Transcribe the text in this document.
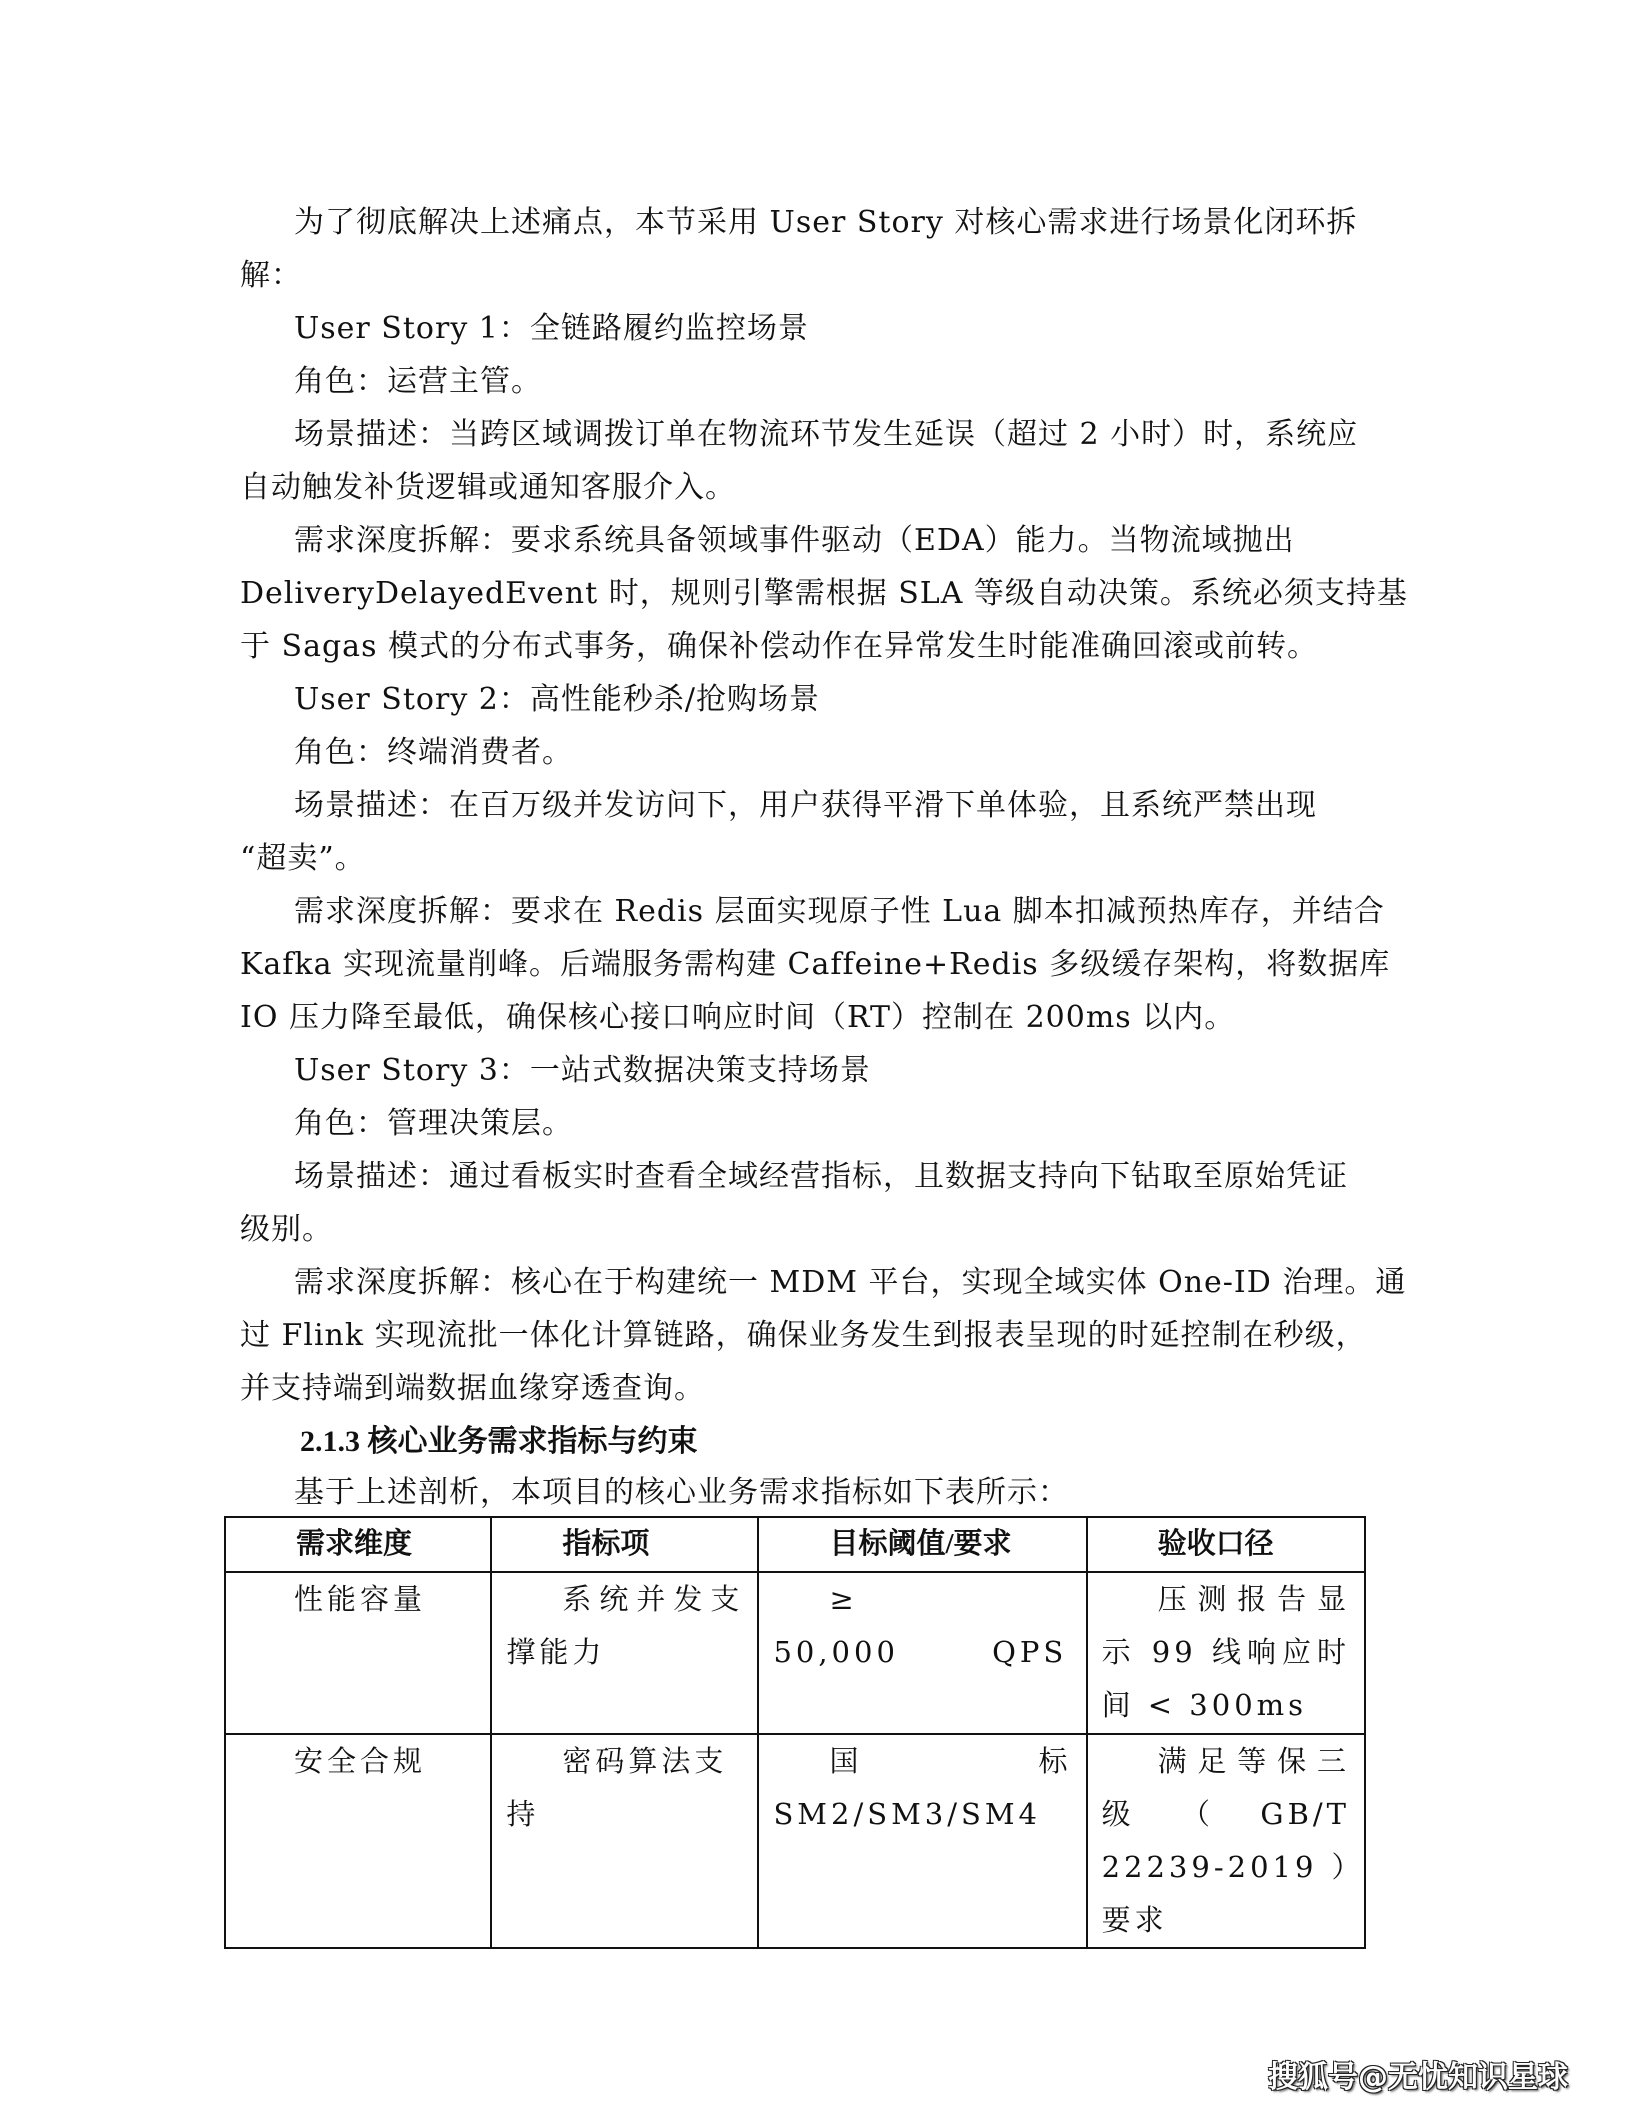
为了彻底解决上述痛点，本节采用 User Story 对核心需求进行场景化闭环拆
解：
User Story 1：全链路履约监控场景
角色：运营主管。
场景描述：当跨区域调拨订单在物流环节发生延误（超过 2 小时）时，系统应
自动触发补货逻辑或通知客服介入。
需求深度拆解：要求系统具备领域事件驱动（EDA）能力。当物流域抛出
DeliveryDelayedEvent 时，规则引擎需根据 SLA 等级自动决策。系统必须支持基
于 Sagas 模式的分布式事务，确保补偿动作在异常发生时能准确回滚或前转。
User Story 2：高性能秒杀/抢购场景
角色：终端消费者。
场景描述：在百万级并发访问下，用户获得平滑下单体验，且系统严禁出现
“超卖”。
需求深度拆解：要求在 Redis 层面实现原子性 Lua 脚本扣减预热库存，并结合
Kafka 实现流量削峰。后端服务需构建 Caffeine+Redis 多级缓存架构，将数据库
IO 压力降至最低，确保核心接口响应时间（RT）控制在 200ms 以内。
User Story 3：一站式数据决策支持场景
角色：管理决策层。
场景描述：通过看板实时查看全域经营指标，且数据支持向下钻取至原始凭证
级别。
需求深度拆解：核心在于构建统一 MDM 平台，实现全域实体 One-ID 治理。通
过 Flink 实现流批一体化计算链路，确保业务发生到报表呈现的时延控制在秒级，
并支持端到端数据血缘穿透查询。
2.1.3 核心业务需求指标与约束
基于上述剖析，本项目的核心业务需求指标如下表所示：
需求维度	指标项	目标阈值/要求	验收口径
性能容量	系统并发支撑能力	≥ 50,000 QPS	压测报告显示 99 线响应时间 < 300ms
安全合规	密码算法支持	国标 SM2/SM3/SM4	满足等保三级（GB/T 22239-2019）要求
搜狐号@无忧知识星球
